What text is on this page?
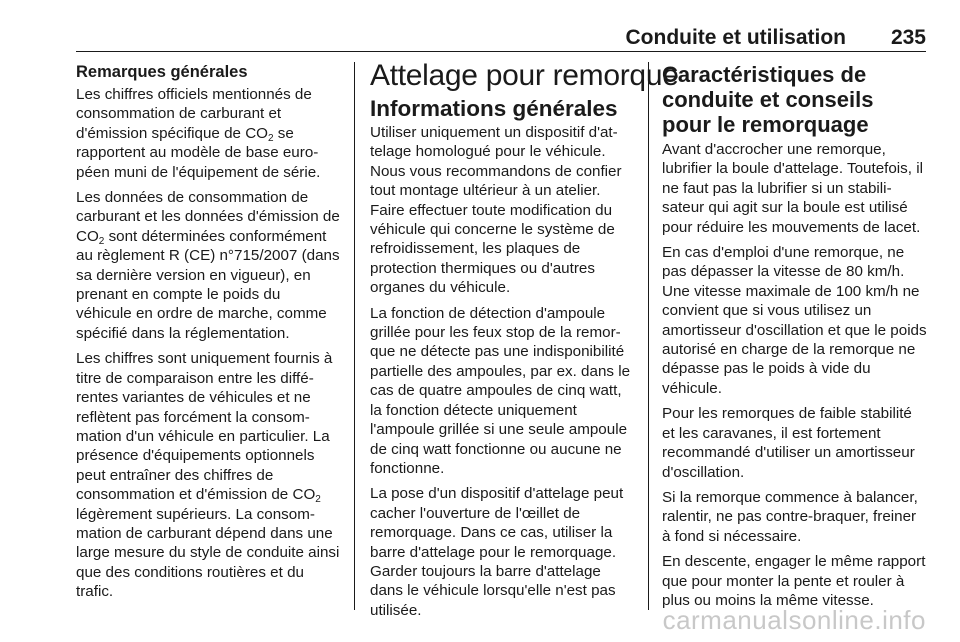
Conduite et utilisation 235
Remarques générales

Les chiffres officiels mentionnés de consommation de carburant et d'émission spécifique de $CO_2$ se rapportent au modèle de base européen muni de l'équipement de série.

Les données de consommation de carburant et les données d'émission de $CO_2$ sont déterminées conformément au règlement R (CE) n°715/2007 (dans sa dernière version en vigueur), en prenant en compte le poids du véhicule en ordre de marche, comme spécifié dans la réglementation.

Les chiffres sont uniquement fournis à titre de comparaison entre les différentes variantes de véhicules et ne reflètent pas forcément la consommation d'un véhicule en particulier. La présence d'équipements optionnels peut entraîner des chiffres de consommation et d'émission de $CO_2$ légèrement supérieurs. La consommation de carburant dépend dans une large mesure du style de conduite ainsi que des conditions routières et du trafic.

Attelage pour remorque
Informations générales

Utiliser uniquement un dispositif d'attelage homologué pour le véhicule. Nous vous recommandons de confier tout montage ultérieur à un atelier. Faire effectuer toute modification du véhicule qui concerne le système de refroidissement, les plaques de protection thermiques ou d'autres organes du véhicule.

La fonction de détection d'ampoule grillée pour les feux stop de la remorque ne détecte pas une indisponibilité partielle des ampoules, par ex. dans le cas de quatre ampoules de cinq watt, la fonction détecte uniquement l'ampoule grillée si une seule ampoule de cinq watt fonctionne ou aucune ne fonctionne.

La pose d'un dispositif d'attelage peut cacher l'ouverture de l'œillet de remorquage. Dans ce cas, utiliser la barre d'attelage pour le remorquage. Garder toujours la barre d'attelage dans le véhicule lorsqu'elle n'est pas utilisée.

Caractéristiques de conduite et conseils pour le remorquage

Avant d'accrocher une remorque, lubrifier la boule d'attelage. Toutefois, il ne faut pas la lubrifier si un stabilisateur qui agit sur la boule est utilisé pour réduire les mouvements de lacet.

En cas d'emploi d'une remorque, ne pas dépasser la vitesse de 80 km/h. Une vitesse maximale de 100 km/h ne convient que si vous utilisez un amortisseur d'oscillation et que le poids autorisé en charge de la remorque ne dépasse pas le poids à vide du véhicule.

Pour les remorques de faible stabilité et les caravanes, il est fortement recommandé d'utiliser un amortisseur d'oscillation.

Si la remorque commence à balancer, ralentir, ne pas contre-braquer, freiner à fond si nécessaire.

En descente, engager le même rapport que pour monter la pente et rouler à plus ou moins la même vitesse.

carmanualsonline.info
